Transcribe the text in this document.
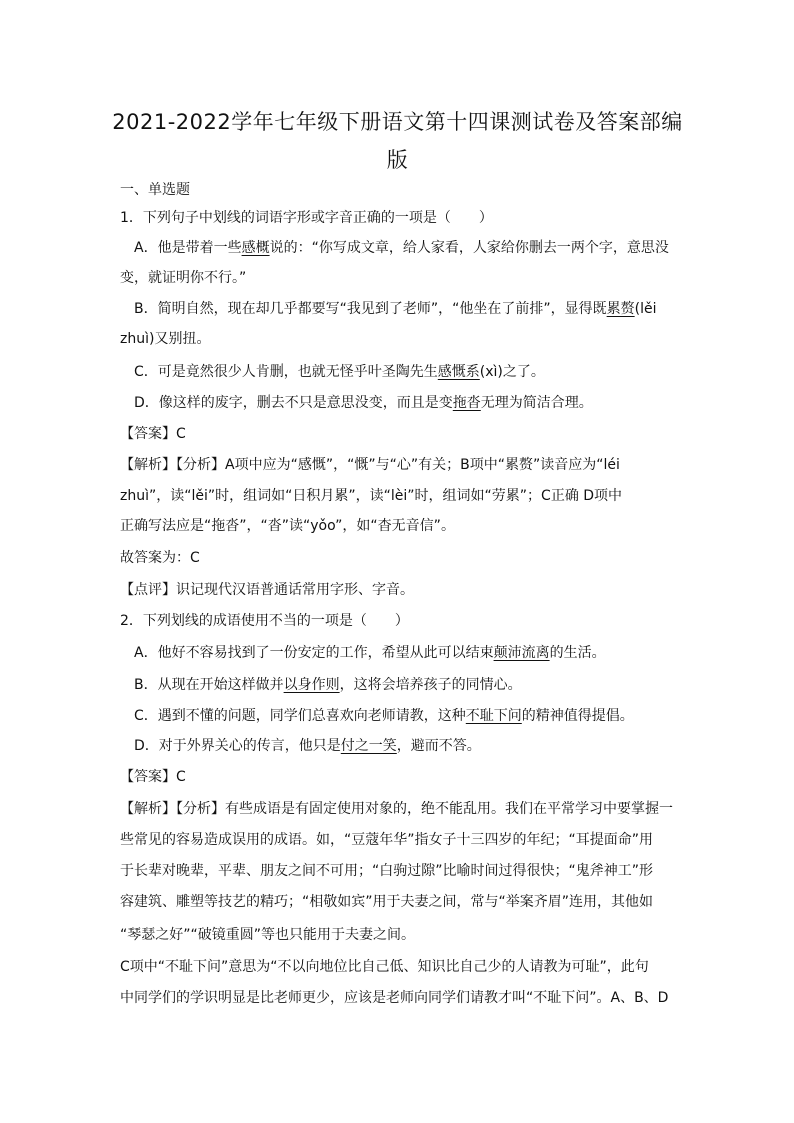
2021-2022学年七年级下册语文第十四课测试卷及答案部编
版
一、单选题
1．下列句子中划线的词语字形或字音正确的一项是（　　）
A．他是带着一些感概说的：“你写成文章，给人家看，人家给你删去一两个字，意思没
变，就证明你不行。”
B．简明自然，现在却几乎都要写“我见到了老师”，“他坐在了前排”，显得既累赘(lěi
zhuì)又别扭。
C．可是竟然很少人肯删，也就无怪乎叶圣陶先生感慨系(xì)之了。
D．像这样的废字，删去不只是意思没变，而且是变拖沓无理为简洁合理。
【答案】C
【解析】【分析】A项中应为“感慨”，“慨”与“心”有关；B项中“累赘”读音应为“léi
zhuì”，读“lěi”时，组词如“日积月累”，读“lèi”时，组词如“劳累”；C正确 D项中
正确写法应是“拖沓”，“沓”读“yǒo”，如“杳无音信”。
故答案为：C
【点评】识记现代汉语普通话常用字形、字音。
2．下列划线的成语使用不当的一项是（　　）
A．他好不容易找到了一份安定的工作，希望从此可以结束颠沛流离的生活。
B．从现在开始这样做并以身作则，这将会培养孩子的同情心。
C．遇到不懂的问题，同学们总喜欢向老师请教，这种不耻下问的精神值得提倡。
D．对于外界关心的传言，他只是付之一笑，避而不答。
【答案】C
【解析】【分析】有些成语是有固定使用对象的，绝不能乱用。我们在平常学习中要掌握一
些常见的容易造成误用的成语。如，“豆蔻年华”指女子十三四岁的年纪；“耳提面命”用
于长辈对晚辈，平辈、朋友之间不可用；“白驹过隙”比喻时间过得很快；“鬼斧神工”形
容建筑、雕塑等技艺的精巧；“相敬如宾”用于夫妻之间，常与“举案齐眉”连用，其他如
“琴瑟之好”“破镜重圆”等也只能用于夫妻之间。
C项中“不耻下问”意思为“不以向地位比自己低、知识比自己少的人请教为可耻”，此句
中同学们的学识明显是比老师更少，应该是老师向同学们请教才叫“不耻下问”。A、B、D
